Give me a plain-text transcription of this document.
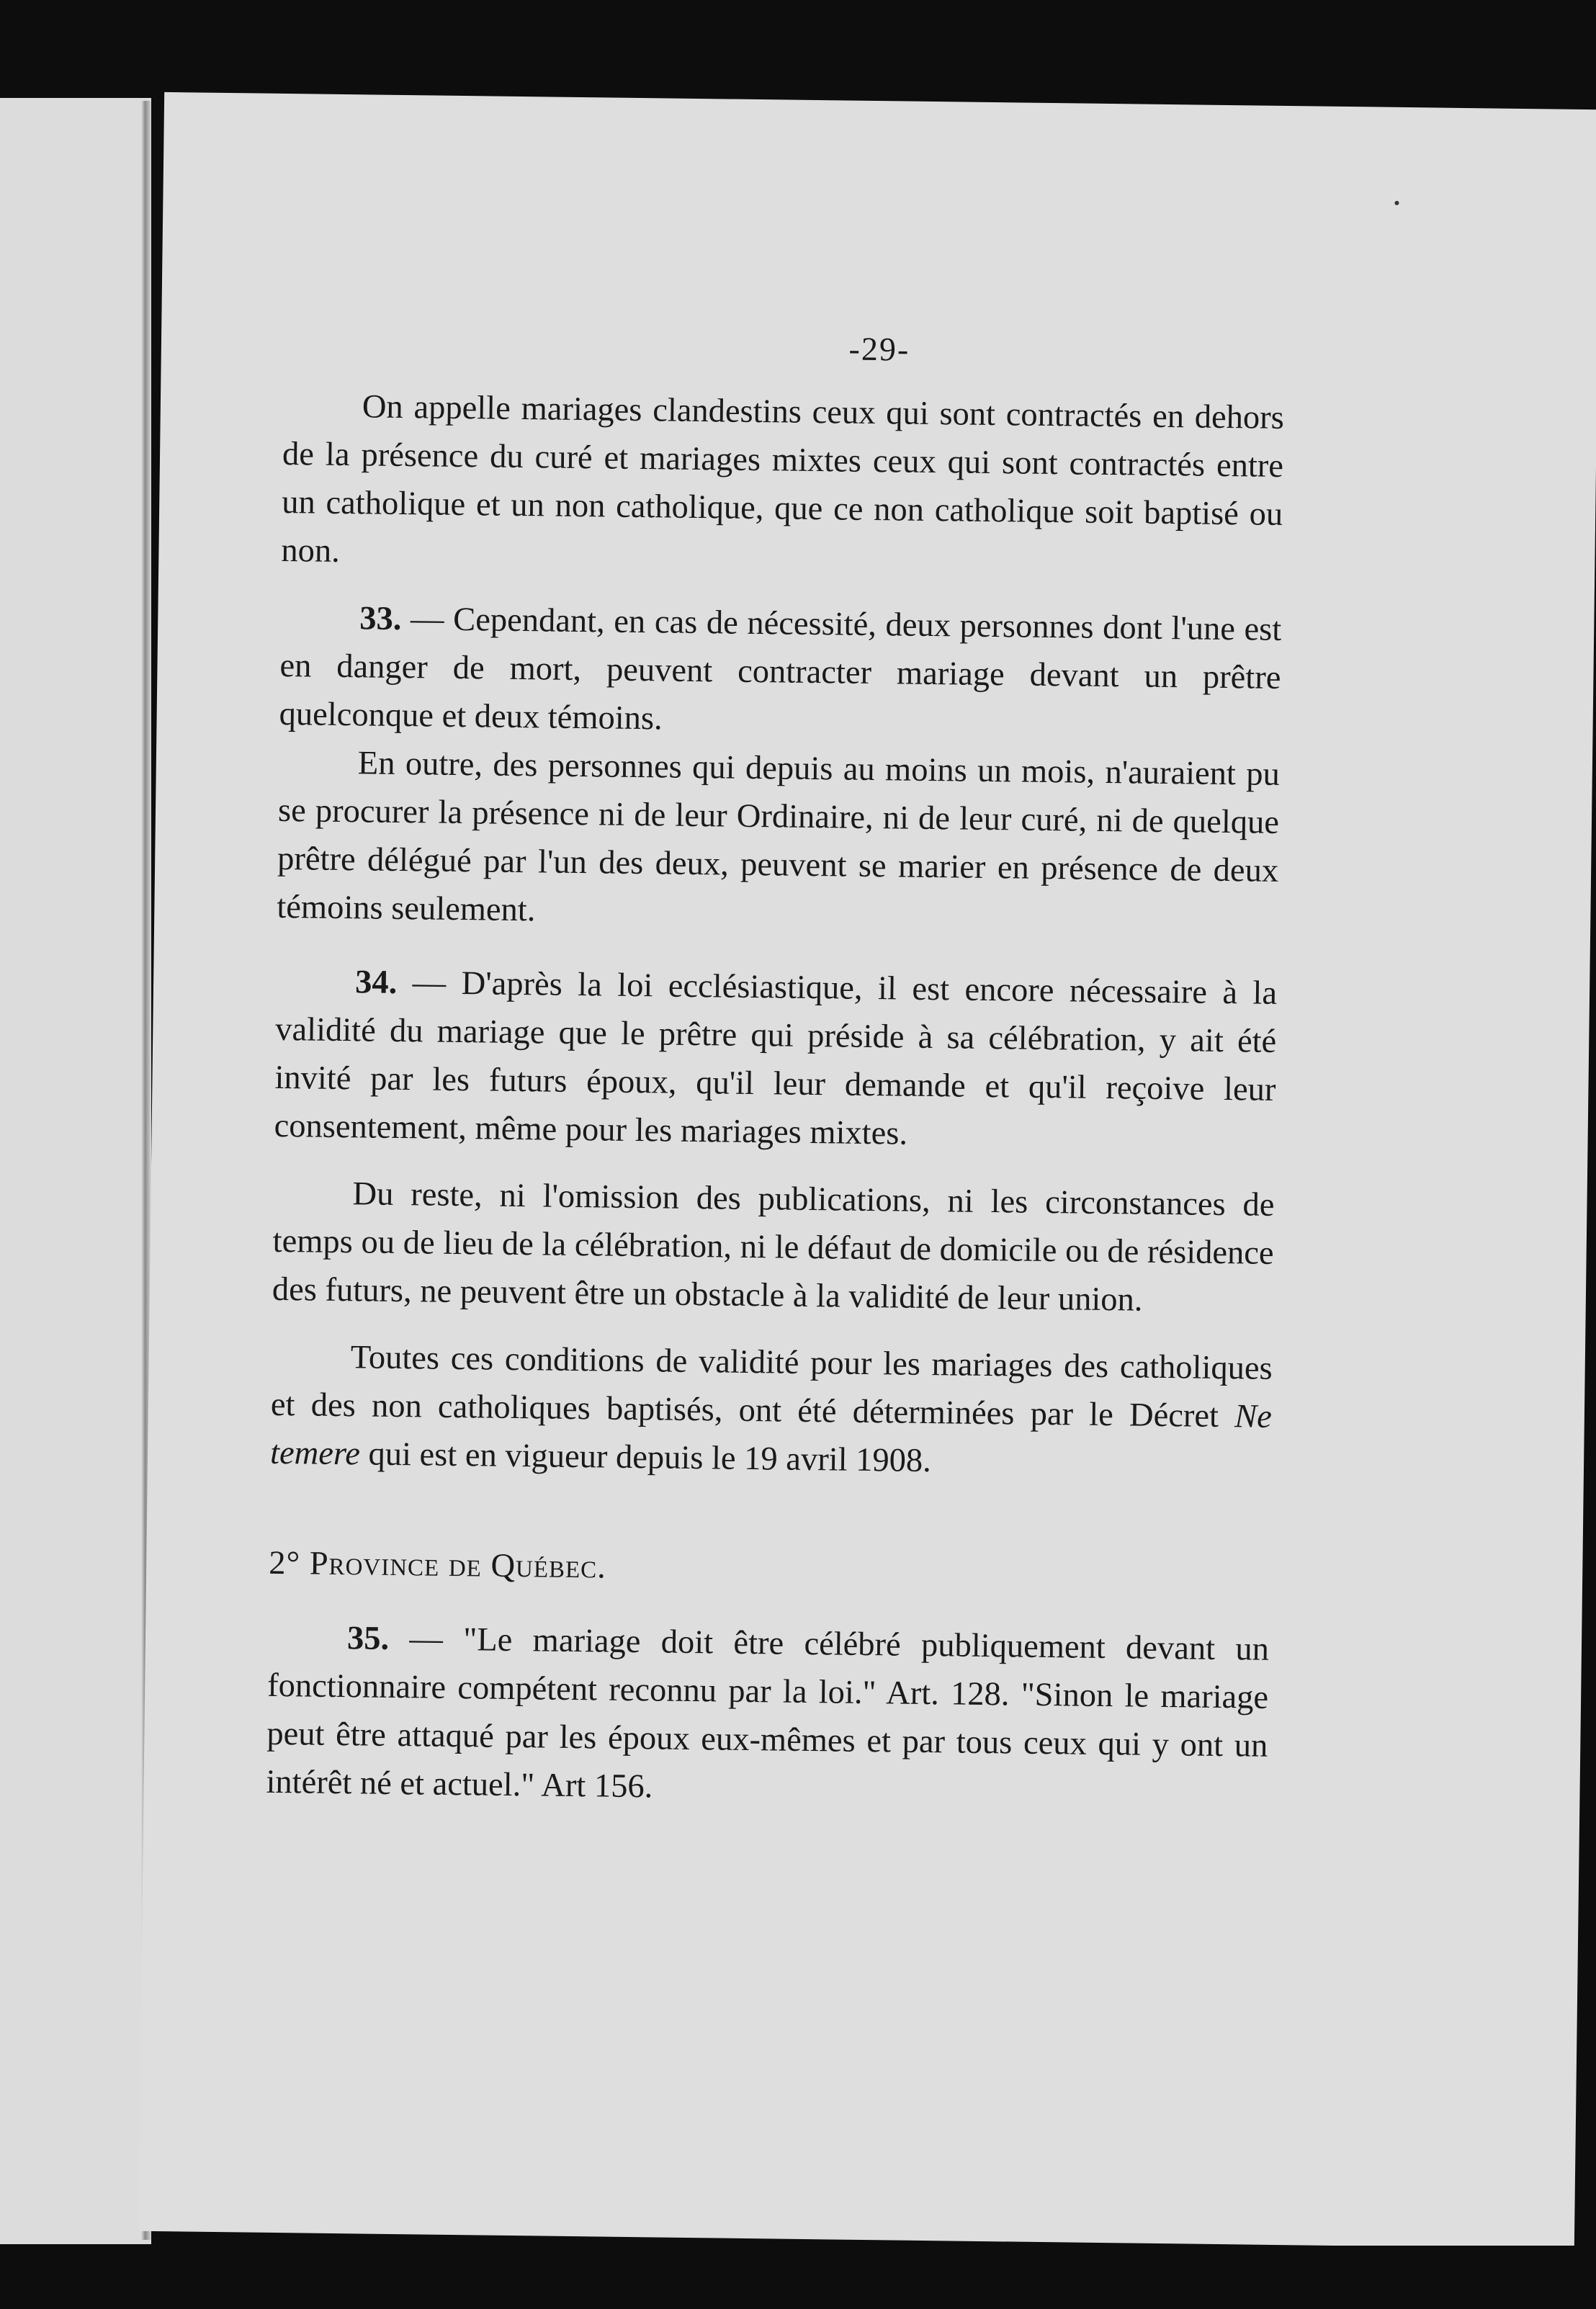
-29-

On appelle mariages clandestins ceux qui sont contractés en dehors de la présence du curé et mariages mixtes ceux qui sont contractés entre un catholique et un non catholique, que ce non catholique soit baptisé ou non.

33. — Cependant, en cas de nécessité, deux personnes dont l'une est en danger de mort, peuvent contracter mariage devant un prêtre quelconque et deux témoins.

En outre, des personnes qui depuis au moins un mois, n'auraient pu se procurer la présence ni de leur Ordinaire, ni de leur curé, ni de quelque prêtre délégué par l'un des deux, peuvent se marier en présence de deux témoins seulement.

34. — D'après la loi ecclésiastique, il est encore nécessaire à la validité du mariage que le prêtre qui préside à sa célébration, y ait été invité par les futurs époux, qu'il leur demande et qu'il reçoive leur consentement, même pour les mariages mixtes.

Du reste, ni l'omission des publications, ni les circonstances de temps ou de lieu de la célébration, ni le défaut de domicile ou de résidence des futurs, ne peuvent être un obstacle à la validité de leur union.

Toutes ces conditions de validité pour les mariages des catholiques et des non catholiques baptisés, ont été déterminées par le Décret Ne temere qui est en vigueur depuis le 19 avril 1908.

2° Province de Québec.

35. — "Le mariage doit être célébré publiquement devant un fonctionnaire compétent reconnu par la loi." Art. 128. "Sinon le mariage peut être attaqué par les époux eux-mêmes et par tous ceux qui y ont un intérêt né et actuel." Art 156.
